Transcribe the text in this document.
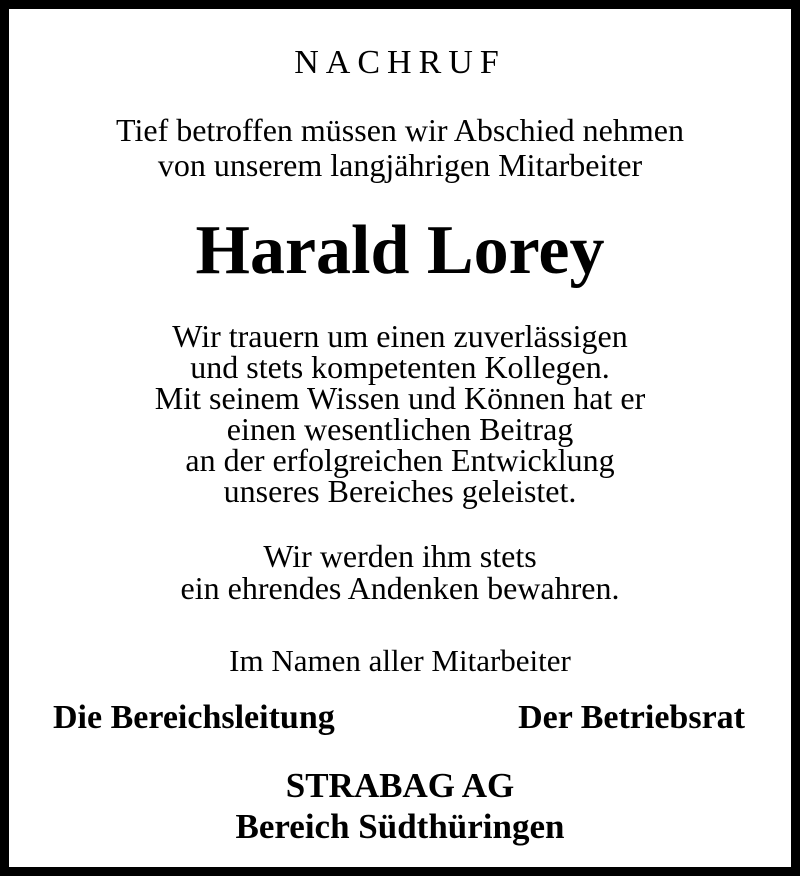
NACHRUF
Tief betroffen müssen wir Abschied nehmen
von unserem langjährigen Mitarbeiter
Harald Lorey
Wir trauern um einen zuverlässigen
und stets kompetenten Kollegen.
Mit seinem Wissen und Können hat er
einen wesentlichen Beitrag
an der erfolgreichen Entwicklung
unseres Bereiches geleistet.
Wir werden ihm stets
ein ehrendes Andenken bewahren.
Im Namen aller Mitarbeiter
Die Bereichsleitung	Der Betriebsrat
STRABAG AG
Bereich Südthüringen
